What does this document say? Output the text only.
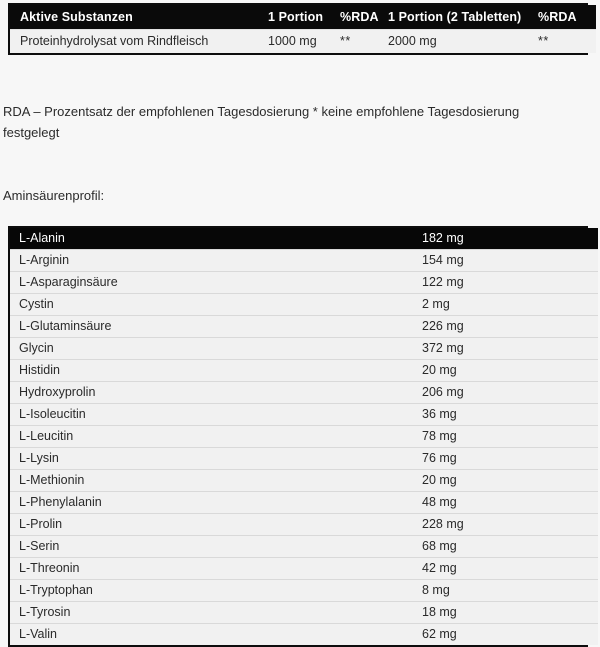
Aktive Substanzen	1 Portion	%RDA	1 Portion (2 Tabletten)	%RDA
Proteinhydrolysat vom Rindfleisch	1000 mg	**	2000 mg	**

RDA – Prozentsatz der empfohlenen Tagesdosierung * keine empfohlene Tagesdosierung festgelegt

Aminsäurenprofil:
L-Alanin	182 mg
L-Arginin	154 mg
L-Asparaginsäure	122 mg
Cystin	2 mg
L-Glutaminsäure	226 mg
Glycin	372 mg
Histidin	20 mg
Hydroxyprolin	206 mg
L-Isoleucitin	36 mg
L-Leucitin	78 mg
L-Lysin	76 mg
L-Methionin	20 mg
L-Phenylalanin	48 mg
L-Prolin	228 mg
L-Serin	68 mg
L-Threonin	42 mg
L-Tryptophan	8 mg
L-Tyrosin	18 mg
L-Valin	62 mg
